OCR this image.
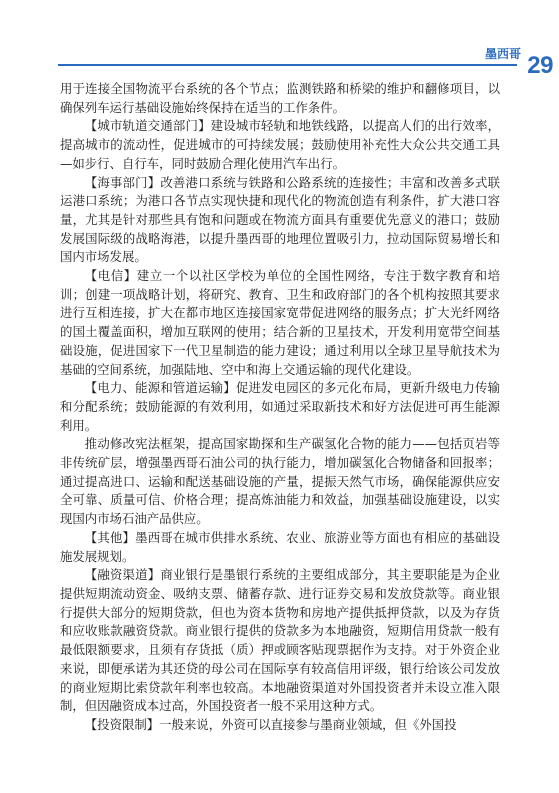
墨西哥 29

用于连接全国物流平台系统的各个节点；监测铁路和桥梁的维护和翻修项目，以确保列车运行基础设施始终保持在适当的工作条件。

【城市轨道交通部门】建设城市轻轨和地铁线路，以提高人们的出行效率，提高城市的流动性，促进城市的可持续发展；鼓励使用补充性大众公共交通工具—如步行、自行车，同时鼓励合理化使用汽车出行。

【海事部门】改善港口系统与铁路和公路系统的连接性；丰富和改善多式联运港口系统；为港口各节点实现快捷和现代化的物流创造有利条件，扩大港口容量，尤其是针对那些具有饱和问题或在物流方面具有重要优先意义的港口；鼓励发展国际级的战略海港，以提升墨西哥的地理位置吸引力，拉动国际贸易增长和国内市场发展。

【电信】建立一个以社区学校为单位的全国性网络，专注于数字教育和培训；创建一项战略计划，将研究、教育、卫生和政府部门的各个机构按照其要求进行互相连接，扩大在都市地区连接国家宽带促进网络的服务点；扩大光纤网络的国土覆盖面积，增加互联网的使用；结合新的卫星技术，开发利用宽带空间基础设施，促进国家下一代卫星制造的能力建设；通过利用以全球卫星导航技术为基础的空间系统，加强陆地、空中和海上交通运输的现代化建设。

【电力、能源和管道运输】促进发电园区的多元化布局，更新升级电力传输和分配系统；鼓励能源的有效利用，如通过采取新技术和好方法促进可再生能源利用。

推动修改宪法框架，提高国家勘探和生产碳氢化合物的能力——包括页岩等非传统矿层，增强墨西哥石油公司的执行能力，增加碳氢化合物储备和回报率；通过提高进口、运输和配送基础设施的产量，提振天然气市场，确保能源供应安全可靠、质量可信、价格合理；提高炼油能力和效益，加强基础设施建设，以实现国内市场石油产品供应。

【其他】墨西哥在城市供排水系统、农业、旅游业等方面也有相应的基础设施发展规划。

【融资渠道】商业银行是墨银行系统的主要组成部分，其主要职能是为企业提供短期流动资金、吸纳支票、储蓄存款、进行证券交易和发放贷款等。商业银行提供大部分的短期贷款，但也为资本货物和房地产提供抵押贷款，以及为存货和应收账款融资贷款。商业银行提供的贷款多为本地融资，短期信用贷款一般有最低限额要求，且须有存货抵（质）押或顾客贴现票据作为支持。对于外资企业来说，即便承诺为其还贷的母公司在国际享有较高信用评级，银行给该公司发放的商业短期比索贷款年利率也较高。本地融资渠道对外国投资者并未设立准入限制，但因融资成本过高，外国投资者一般不采用这种方式。

【投资限制】一般来说，外资可以直接参与墨商业领域，但《外国投
